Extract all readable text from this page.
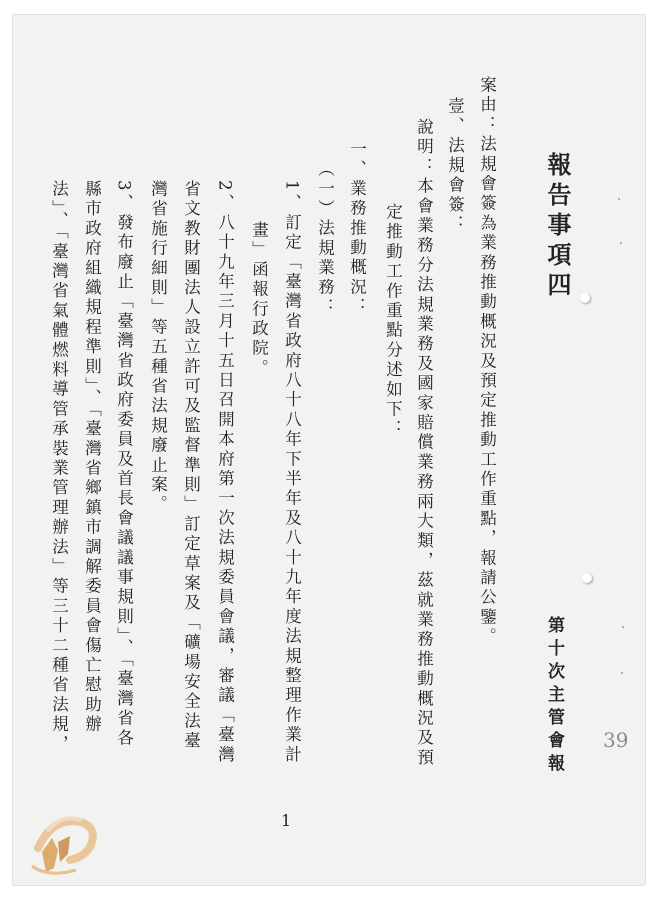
報告事項四
第十次主管會報 39
案由：法規會簽為業務推動概況及預定推動工作重點，報請公鑒。
壹、法規會簽：
說明：本會業務分法規業務及國家賠償業務兩大類，茲就業務推動概況及預
定推動工作重點分述如下：
一、業務推動概況：
（一）法規業務：
1、訂定「臺灣省政府八十八年下半年及八十九年度法規整理作業計
畫」函報行政院。
2、八十九年三月十五日召開本府第一次法規委員會議，審議「臺灣
省文教財團法人設立許可及監督準則」訂定草案及「礦場安全法臺
灣省施行細則」等五種省法規廢止案。
3、發布廢止「臺灣省政府委員及首長會議議事規則」、「臺灣省各
縣市政府組織規程準則」、「臺灣省鄉鎮市調解委員會傷亡慰助辦
法」、「臺灣省氣體燃料導管承裝業管理辦法」等三十二種省法規，
1
